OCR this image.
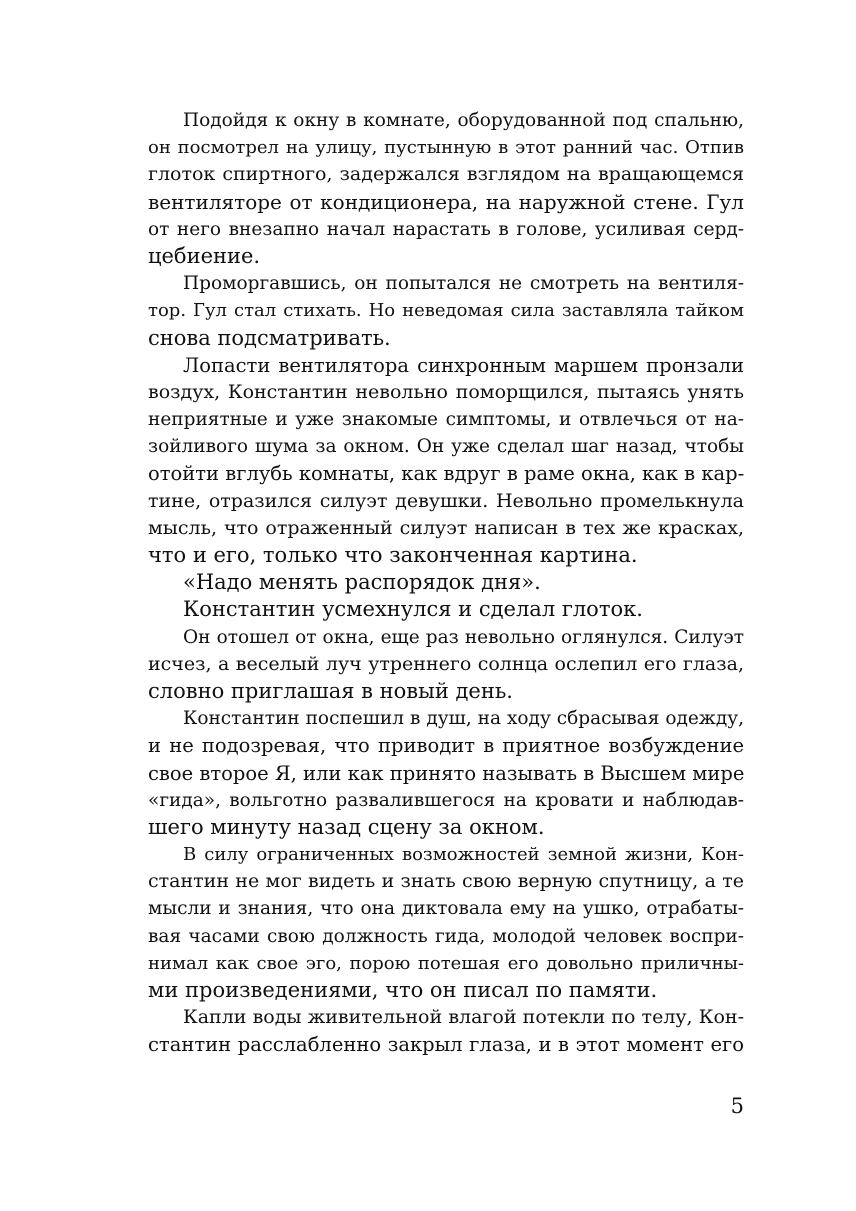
Подойдя к окну в комнате, оборудованной под спальню,
он посмотрел на улицу, пустынную в этот ранний час. Отпив
глоток спиртного, задержался взглядом на вращающемся
вентиляторе от кондиционера, на наружной стене. Гул
от него внезапно начал нарастать в голове, усиливая серд-
цебиение.
Проморгавшись, он попытался не смотреть на вентиля-
тор. Гул стал стихать. Но неведомая сила заставляла тайком
снова подсматривать.
Лопасти вентилятора синхронным маршем пронзали
воздух, Константин невольно поморщился, пытаясь унять
неприятные и уже знакомые симптомы, и отвлечься от на-
зойливого шума за окном. Он уже сделал шаг назад, чтобы
отойти вглубь комнаты, как вдруг в раме окна, как в кар-
тине, отразился силуэт девушки. Невольно промелькнула
мысль, что отраженный силуэт написан в тех же красках,
что и его, только что законченная картина.
«Надо менять распорядок дня».
Константин усмехнулся и сделал глоток.
Он отошел от окна, еще раз невольно оглянулся. Силуэт
исчез, а веселый луч утреннего солнца ослепил его глаза,
словно приглашая в новый день.
Константин поспешил в душ, на ходу сбрасывая одежду,
и не подозревая, что приводит в приятное возбуждение
свое второе Я, или как принято называть в Высшем мире
«гида», вольготно развалившегося на кровати и наблюдав-
шего минуту назад сцену за окном.
В силу ограниченных возможностей земной жизни, Кон-
стантин не мог видеть и знать свою верную спутницу, а те
мысли и знания, что она диктовала ему на ушко, отрабаты-
вая часами свою должность гида, молодой человек воспри-
нимал как свое эго, порою потешая его довольно приличны-
ми произведениями, что он писал по памяти.
Капли воды живительной влагой потекли по телу, Кон-
стантин расслабленно закрыл глаза, и в этот момент его
5
